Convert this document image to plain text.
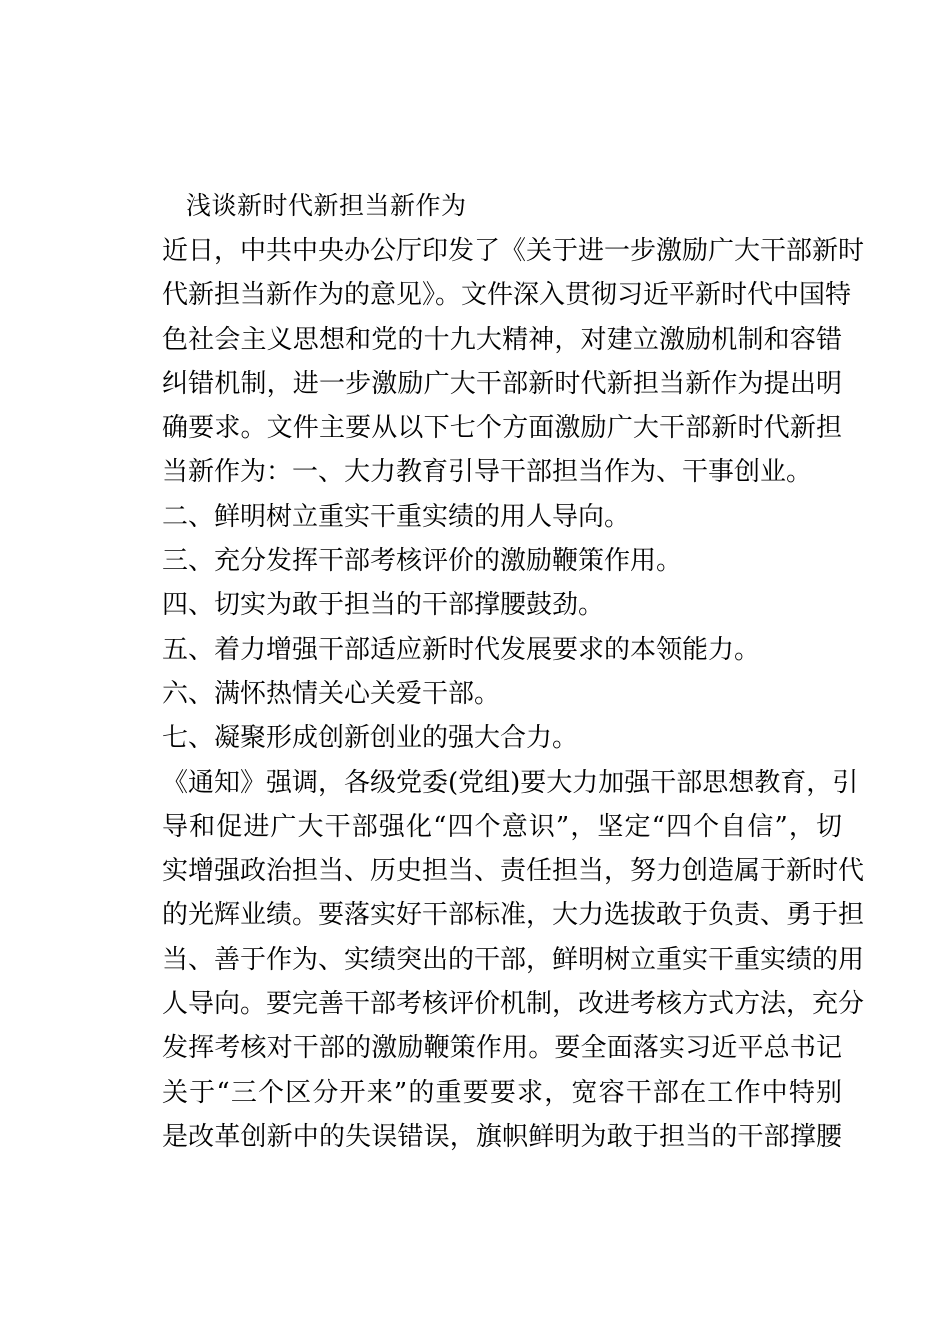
浅谈新时代新担当新作为
近日，中共中央办公厅印发了《关于进一步激励广大干部新时
代新担当新作为的意见》。文件深入贯彻习近平新时代中国特
色社会主义思想和党的十九大精神，对建立激励机制和容错
纠错机制，进一步激励广大干部新时代新担当新作为提出明
确要求。文件主要从以下七个方面激励广大干部新时代新担
当新作为：一、大力教育引导干部担当作为、干事创业。
二、鲜明树立重实干重实绩的用人导向。
三、充分发挥干部考核评价的激励鞭策作用。
四、切实为敢于担当的干部撑腰鼓劲。
五、着力增强干部适应新时代发展要求的本领能力。
六、满怀热情关心关爱干部。
七、凝聚形成创新创业的强大合力。
《通知》强调，各级党委(党组)要大力加强干部思想教育，引
导和促进广大干部强化“四个意识”，坚定“四个自信”，切
实增强政治担当、历史担当、责任担当，努力创造属于新时代
的光辉业绩。要落实好干部标准，大力选拔敢于负责、勇于担
当、善于作为、实绩突出的干部，鲜明树立重实干重实绩的用
人导向。要完善干部考核评价机制，改进考核方式方法，充分
发挥考核对干部的激励鞭策作用。要全面落实习近平总书记
关于“三个区分开来”的重要要求，宽容干部在工作中特别
是改革创新中的失误错误，旗帜鲜明为敢于担当的干部撑腰
